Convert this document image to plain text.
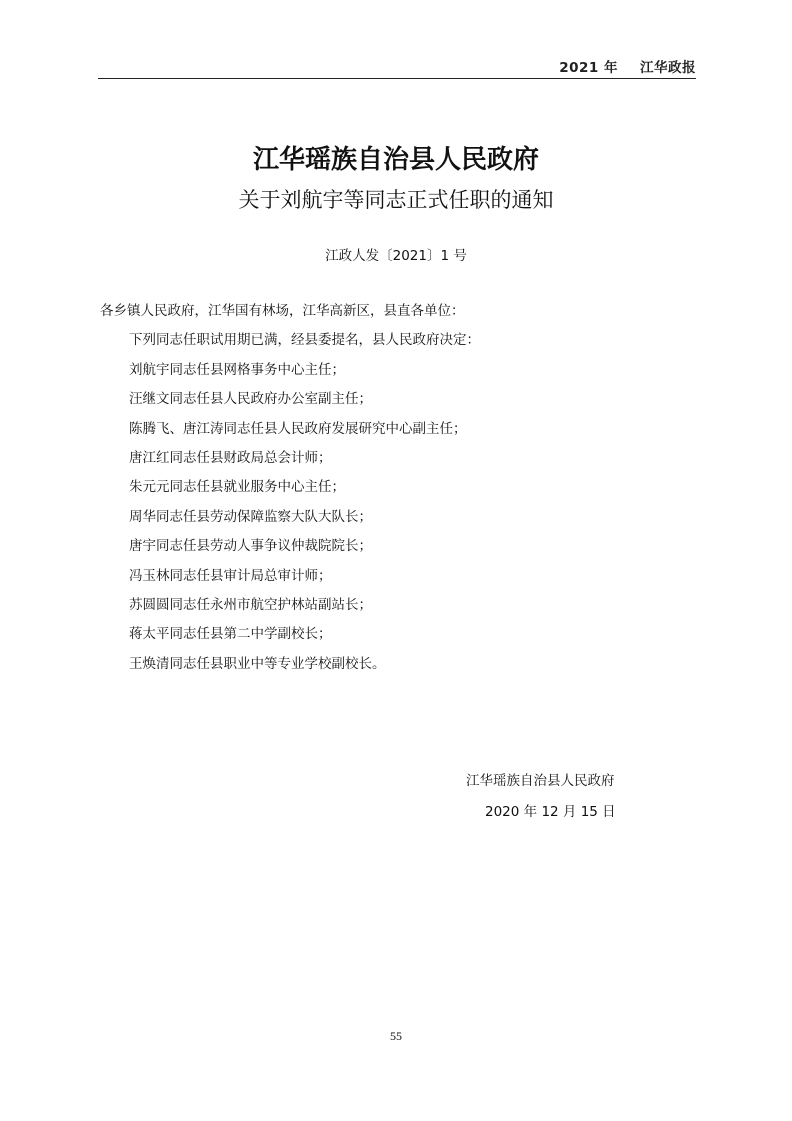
2021 年 江华政报
江华瑶族自治县人民政府
关于刘航宇等同志正式任职的通知
江政人发〔2021〕1 号
各乡镇人民政府，江华国有林场，江华高新区，县直各单位：
下列同志任职试用期已满，经县委提名，县人民政府决定：
刘航宇同志任县网格事务中心主任；
汪继文同志任县人民政府办公室副主任；
陈腾飞、唐江涛同志任县人民政府发展研究中心副主任；
唐江红同志任县财政局总会计师；
朱元元同志任县就业服务中心主任；
周华同志任县劳动保障监察大队大队长；
唐宇同志任县劳动人事争议仲裁院院长；
冯玉林同志任县审计局总审计师；
苏圆圆同志任永州市航空护林站副站长；
蒋太平同志任县第二中学副校长；
王焕清同志任县职业中等专业学校副校长。
江华瑶族自治县人民政府
2020 年 12 月 15 日
55
